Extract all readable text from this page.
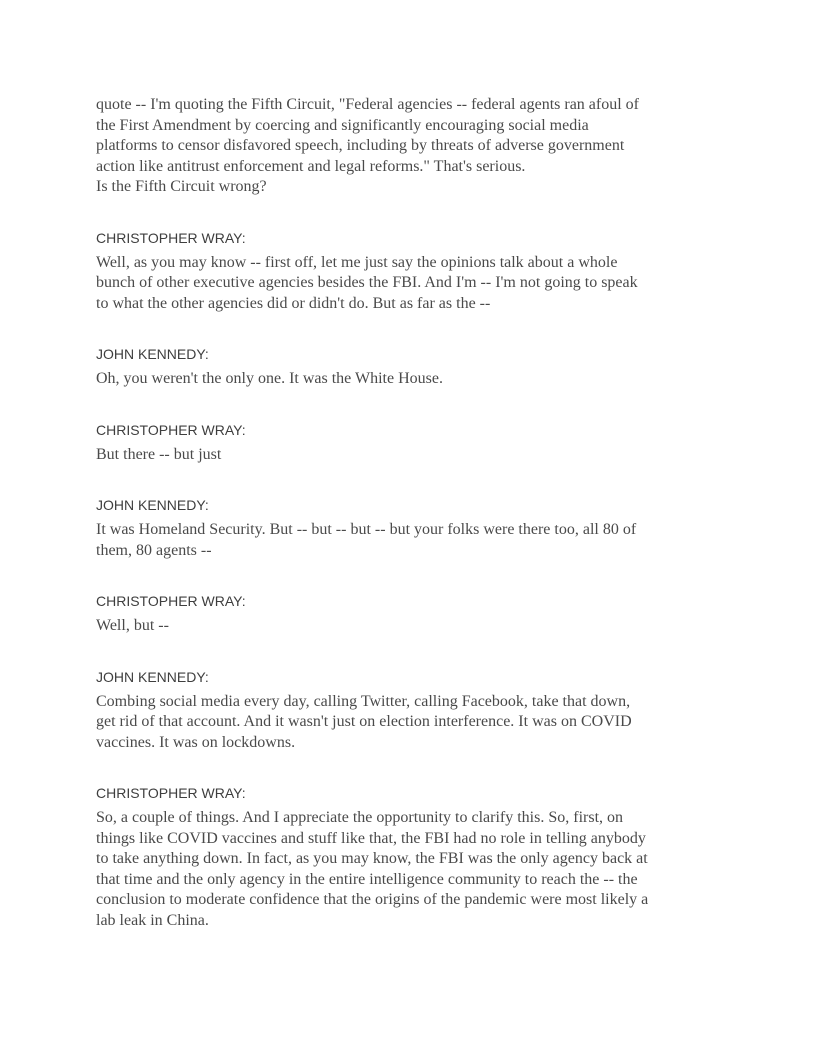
quote -- I'm quoting the Fifth Circuit, "Federal agencies -- federal agents ran afoul of
the First Amendment by coercing and significantly encouraging social media
platforms to censor disfavored speech, including by threats of adverse government
action like antitrust enforcement and legal reforms." That's serious.
Is the Fifth Circuit wrong?

CHRISTOPHER WRAY:

Well, as you may know -- first off, let me just say the opinions talk about a whole
bunch of other executive agencies besides the FBI. And I'm -- I'm not going to speak
to what the other agencies did or didn't do. But as far as the --

JOHN KENNEDY:

Oh, you weren't the only one. It was the White House.

CHRISTOPHER WRAY:

But there -- but just

JOHN KENNEDY:

It was Homeland Security. But -- but -- but -- but your folks were there too, all 80 of
them, 80 agents --

CHRISTOPHER WRAY:

Well, but --

JOHN KENNEDY:

Combing social media every day, calling Twitter, calling Facebook, take that down,
get rid of that account. And it wasn't just on election interference. It was on COVID
vaccines. It was on lockdowns.

CHRISTOPHER WRAY:

So, a couple of things. And I appreciate the opportunity to clarify this. So, first, on
things like COVID vaccines and stuff like that, the FBI had no role in telling anybody
to take anything down. In fact, as you may know, the FBI was the only agency back at
that time and the only agency in the entire intelligence community to reach the -- the
conclusion to moderate confidence that the origins of the pandemic were most likely a
lab leak in China.
